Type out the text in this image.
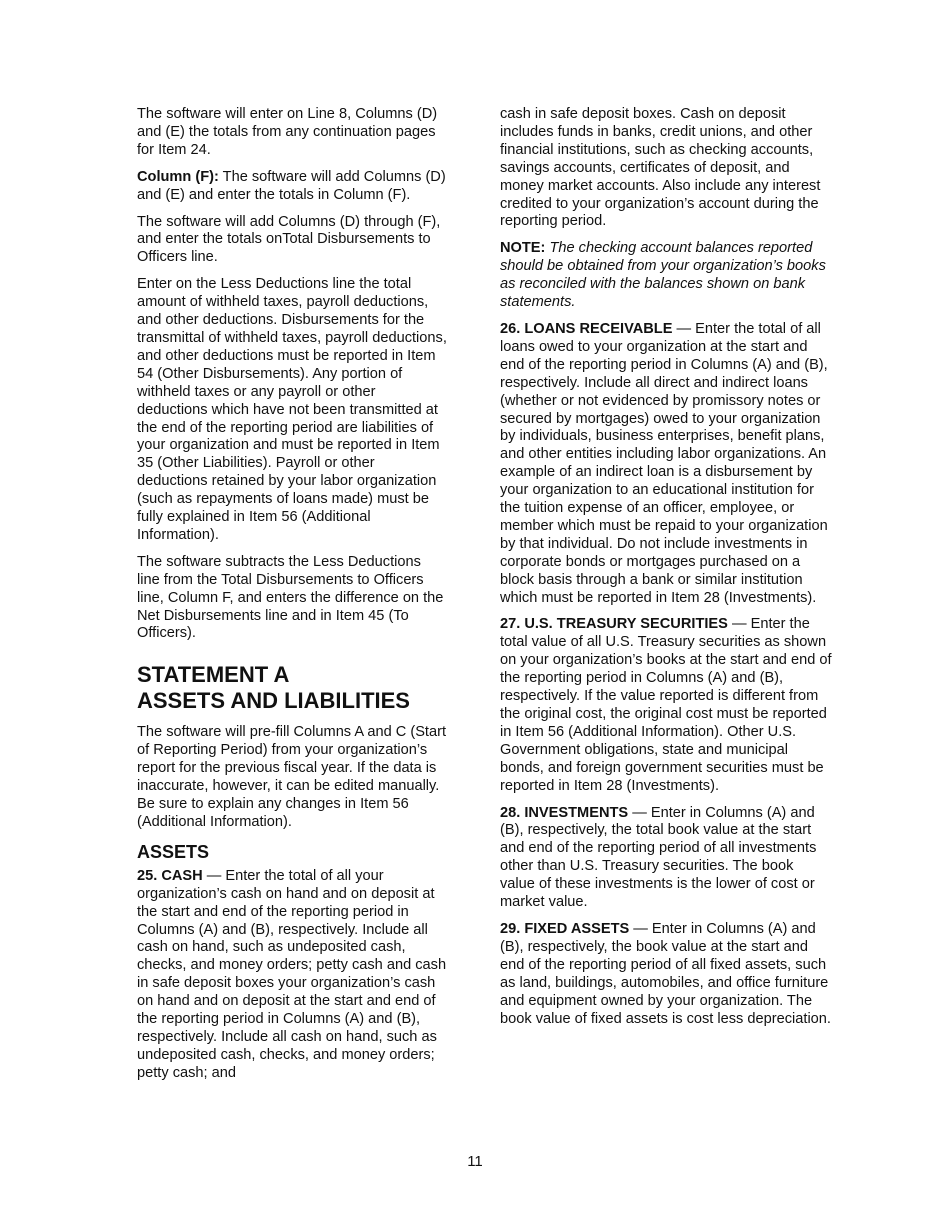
The software will enter on Line 8, Columns (D) and (E) the totals from any continuation pages for Item 24.

Column (F): The software will add Columns (D) and (E) and enter the totals in Column (F).

The software will add Columns (D) through (F), and enter the totals onTotal Disbursements to Officers line.

Enter on the Less Deductions line the total amount of withheld taxes, payroll deductions, and other deductions. Disbursements for the transmittal of withheld taxes, payroll deductions, and other deductions must be reported in Item 54 (Other Disbursements). Any portion of withheld taxes or any payroll or other deductions which have not been transmitted at the end of the reporting period are liabilities of your organization and must be reported in Item 35 (Other Liabilities). Payroll or other deductions retained by your labor organization (such as repayments of loans made) must be fully explained in Item 56 (Additional Information).

The software subtracts the Less Deductions line from the Total Disbursements to Officers line, Column F, and enters the difference on the Net Disbursements line and in Item 45 (To Officers).

STATEMENT A
ASSETS AND LIABILITIES

The software will pre-fill Columns A and C (Start of Reporting Period) from your organization’s report for the previous fiscal year. If the data is inaccurate, however, it can be edited manually. Be sure to explain any changes in Item 56 (Additional Information).

ASSETS

25. CASH — Enter the total of all your organization’s cash on hand and on deposit at the start and end of the reporting period in Columns (A) and (B), respectively. Include all cash on hand, such as undeposited cash, checks, and money orders; petty cash and cash in safe deposit boxes your organization’s cash on hand and on deposit at the start and end of the reporting period in Columns (A) and (B), respectively. Include all cash on hand, such as undeposited cash, checks, and money orders; petty cash; and

cash in safe deposit boxes. Cash on deposit includes funds in banks, credit unions, and other financial institutions, such as checking accounts, savings accounts, certificates of deposit, and money market accounts. Also include any interest credited to your organization’s account during the reporting period.

NOTE: The checking account balances reported should be obtained from your organization’s books as reconciled with the balances shown on bank statements.

26. LOANS RECEIVABLE — Enter the total of all loans owed to your organization at the start and end of the reporting period in Columns (A) and (B), respectively. Include all direct and indirect loans (whether or not evidenced by promissory notes or secured by mortgages) owed to your organization by individuals, business enterprises, benefit plans, and other entities including labor organizations. An example of an indirect loan is a disbursement by your organization to an educational institution for the tuition expense of an officer, employee, or member which must be repaid to your organization by that individual. Do not include investments in corporate bonds or mortgages purchased on a block basis through a bank or similar institution which must be reported in Item 28 (Investments).

27. U.S. TREASURY SECURITIES — Enter the total value of all U.S. Treasury securities as shown on your organization’s books at the start and end of the reporting period in Columns (A) and (B), respectively. If the value reported is different from the original cost, the original cost must be reported in Item 56 (Additional Information). Other U.S. Government obligations, state and municipal bonds, and foreign government securities must be reported in Item 28 (Investments).

28. INVESTMENTS — Enter in Columns (A) and (B), respectively, the total book value at the start and end of the reporting period of all investments other than U.S. Treasury securities. The book value of these investments is the lower of cost or market value.

29. FIXED ASSETS — Enter in Columns (A) and (B), respectively, the book value at the start and end of the reporting period of all fixed assets, such as land, buildings, automobiles, and office furniture and equipment owned by your organization. The book value of fixed assets is cost less depreciation.

11
